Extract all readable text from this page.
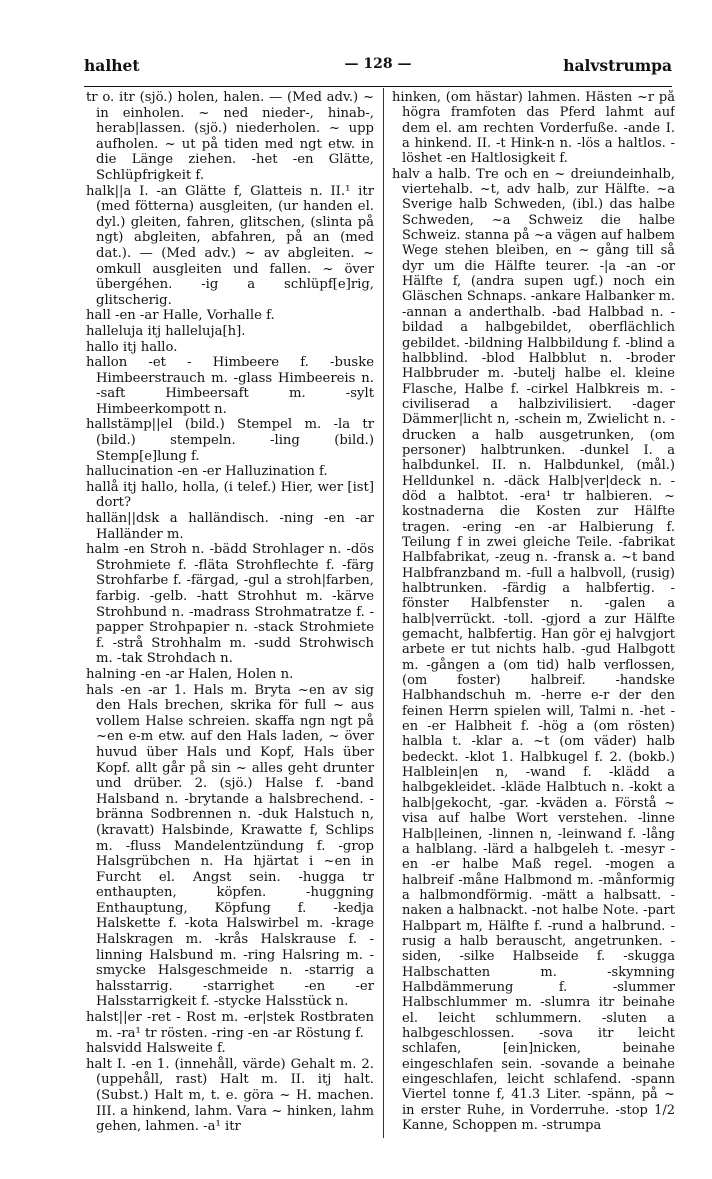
halhet	— 128 —	halvstrumpa

tr o. itr (sjö.) holen, halen. — (Med adv.) ~ in einholen. ~ ned nieder-, hinab-, herab|lassen. (sjö.) niederholen. ~ upp aufholen. ~ ut på tiden med ngt etw. in die Länge ziehen. -het -en Glätte, Schlüpfrigkeit f.

halk||a I. -an Glätte f, Glatteis n. II.¹ itr (med fötterna) ausgleiten, (ur handen el. dyl.) gleiten, fahren, glitschen, (slinta på ngt) abgleiten, abfahren, på an (med dat.). — (Med adv.) ~ av abgleiten. ~ omkull ausgleiten und fallen. ~ över übergéhen. -ig a schlüpf[e]rig, glitscherig.

hall -en -ar Halle, Vorhalle f.

halleluja itj halleluja[h].

hallo itj hallo.

hallon -et - Himbeere f. -buske Himbeerstrauch m. -glass Himbeereis n. -saft Himbeersaft m. -sylt Himbeerkompott n.

hallstämp||el (bild.) Stempel m. -la tr (bild.) stempeln. -ling (bild.) Stemp[e]lung f.

hallucination -en -er Halluzination f.

hallå itj hallo, holla, (i telef.) Hier, wer [ist] dort?

hallän||dsk a halländisch. -ning -en -ar Halländer m.

halm -en Stroh n. -bädd Strohlager n. -dös Strohmiete f. -fläta Strohflechte f. -färg Strohfarbe f. -färgad, -gul a stroh|farben, farbig. -gelb. -hatt Strohhut m. -kärve Strohbund n. -madrass Strohmatratze f. -papper Strohpapier n. -stack Strohmiete f. -strå Strohhalm m. -sudd Strohwisch m. -tak Strohdach n.

halning -en -ar Halen, Holen n.

hals -en -ar 1. Hals m. Bryta ~en av sig den Hals brechen, skrika för full ~ aus vollem Halse schreien. skaffa ngn ngt på ~en e-m etw. auf den Hals laden, ~ över huvud über Hals und Kopf, Hals über Kopf. allt går på sin ~ alles geht drunter und drüber. 2. (sjö.) Halse f. -band Halsband n. -brytande a halsbrechend. -bränna Sodbrennen n. -duk Halstuch n, (kravatt) Halsbinde, Krawatte f, Schlips m. -fluss Mandelentzündung f. -grop Halsgrübchen n. Ha hjärtat i ~en in Furcht el. Angst sein. -hugga tr enthaupten, köpfen. -huggning Enthauptung, Köpfung f. -kedja Halskette f. -kota Halswirbel m. -krage Halskragen m. -krås Halskrause f. -linning Halsbund m. -ring Halsring m. -smycke Halsgeschmeide n. -starrig a halsstarrig. -starrighet -en -er Halsstarrigkeit f. -stycke Halsstück n.

halst||er -ret - Rost m. -er|stek Rostbraten m. -ra¹ tr rösten. -ring -en -ar Röstung f.

halsvidd Halsweite f.

halt I. -en 1. (innehåll, värde) Gehalt m. 2. (uppehåll, rast) Halt m. II. itj halt. (Subst.) Halt m, t. e. göra ~ H. machen. III. a hinkend, lahm. Vara ~ hinken, lahm gehen, lahmen. -a¹ itr

hinken, (om hästar) lahmen. Hästen ~r på högra framfoten das Pferd lahmt auf dem el. am rechten Vorderfuße. -ande I. a hinkend. II. -t Hink-n n. -lös a haltlos. -löshet -en Haltlosigkeit f.

halv a halb. Tre och en ~ dreiundeinhalb, viertehalb. ~t, adv halb, zur Hälfte. ~a Sverige halb Schweden, (ibl.) das halbe Schweden, ~a Schweiz die halbe Schweiz. stanna på ~a vägen auf halbem Wege stehen bleiben, en ~ gång till så dyr um die Hälfte teurer. -|a -an -or Hälfte f, (andra supen ugf.) noch ein Gläschen Schnaps. -ankare Halbanker m. -annan a anderthalb. -bad Halbbad n. -bildad a halbgebildet, oberflächlich gebildet. -bildning Halbbildung f. -blind a halbblind. -blod Halbblut n. -broder Halbbruder m. -butelj halbe el. kleine Flasche, Halbe f. -cirkel Halbkreis m. -civiliserad a halbzivilisiert. -dager Dämmer|licht n, -schein m, Zwielicht n. -drucken a halb ausgetrunken, (om personer) halbtrunken. -dunkel I. a halbdunkel. II. n. Halbdunkel, (mål.) Helldunkel n. -däck Halb|ver|deck n. -död a halbtot. -era¹ tr halbieren. ~ kostnaderna die Kosten zur Hälfte tragen. -ering -en -ar Halbierung f. Teilung f in zwei gleiche Teile. -fabrikat Halbfabrikat, -zeug n. -fransk a. ~t band Halbfranzband m. -full a halbvoll, (rusig) halbtrunken. -färdig a halbfertig. -fönster Halbfenster n. -galen a halb|verrückt. -toll. -gjord a zur Hälfte gemacht, halbfertig. Han gör ej halvgjort arbete er tut nichts halb. -gud Halbgott m. -gången a (om tid) halb verflossen, (om foster) halbreif. -handske Halbhandschuh m. -herre e-r der den feinen Herrn spielen will, Talmi n. -het -en -er Halbheit f. -hög a (om rösten) halbla t. -klar a. ~t (om väder) halb bedeckt. -klot 1. Halbkugel f. 2. (bokb.) Halblein|en n, -wand f. -klädd a halbgekleidet. -kläde Halbtuch n. -kokt a halb|gekocht, -gar. -kväden a. Förstå ~ visa auf halbe Wort verstehen. -linne Halb|leinen, -linnen n, -leinwand f. -lång a halblang. -lärd a halbgeleh t. -mesyr -en -er halbe Maß regel. -mogen a halbreif -måne Halbmond m. -månformig a halbmondförmig. -mätt a halbsatt. -naken a halbnackt. -not halbe Note. -part Halbpart m, Hälfte f. -rund a halbrund. -rusig a halb berauscht, angetrunken. -siden, -silke Halbseide f. -skugga Halbschatten m. -skymning Halbdämmerung f. -slummer Halbschlummer m. -slumra itr beinahe el. leicht schlummern. -sluten a halbgeschlossen. -sova itr leicht schlafen, [ein]nicken, beinahe eingeschlafen sein. -sovande a beinahe eingeschlafen, leicht schlafend. -spann Viertel tonne f, 41.3 Liter. -spänn, på ~ in erster Ruhe, in Vorderruhe. -stop 1/2 Kanne, Schoppen m. -strumpa
